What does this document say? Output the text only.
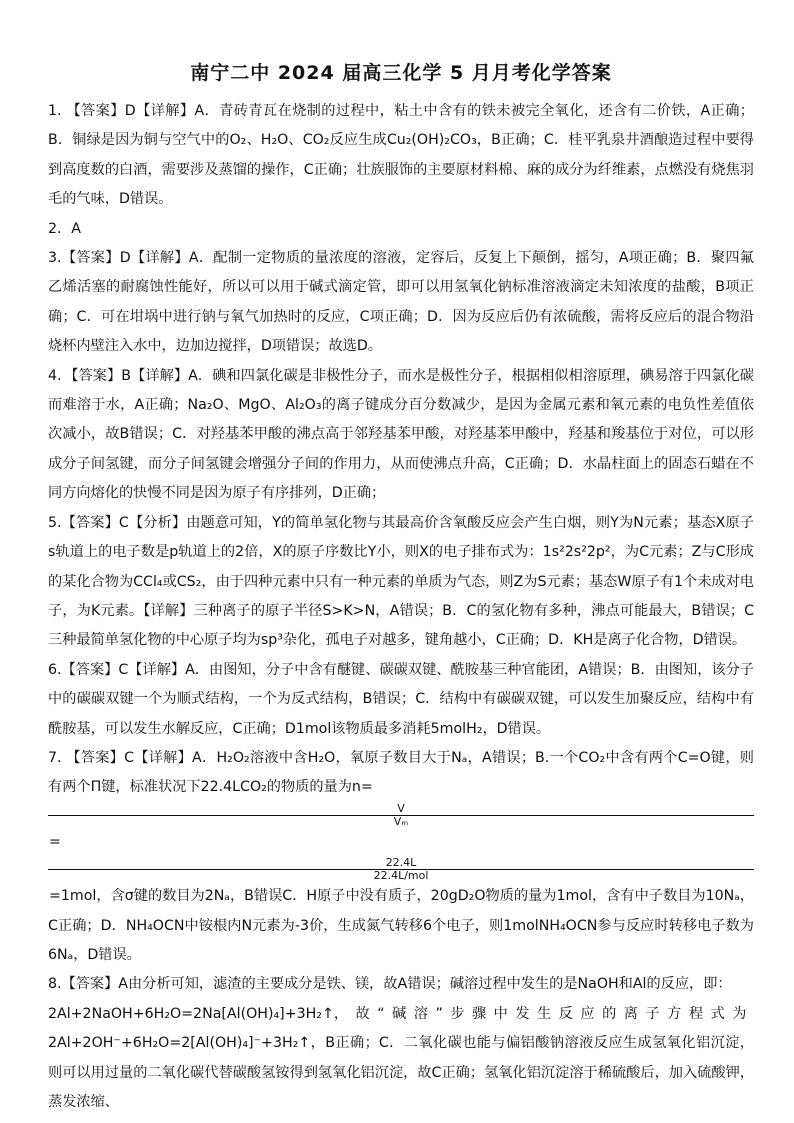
南宁二中 2024 届高三化学 5 月月考化学答案

1. 【答案】D【详解】A．青砖青瓦在烧制的过程中，粘土中含有的铁未被完全氧化，还含有二价铁，A正确；B．铜绿是因为铜与空气中的O₂、H₂O、CO₂反应生成Cu₂(OH)₂CO₃，B正确；C．桂平乳泉井酒酿造过程中要得到高度数的白酒，需要涉及蒸馏的操作，C正确；壮族服饰的主要原材料棉、麻的成分为纤维素，点燃没有烧焦羽毛的气味，D错误。

2．A

3.【答案】D【详解】A．配制一定物质的量浓度的溶液，定容后，反复上下颠倒，摇匀，A项正确；B．聚四氟乙烯活塞的耐腐蚀性能好，所以可以用于碱式滴定管，即可以用氢氧化钠标准溶液滴定未知浓度的盐酸，B项正确；C．可在坩埚中进行钠与氧气加热时的反应，C项正确；D．因为反应后仍有浓硫酸，需将反应后的混合物沿烧杯内壁注入水中，边加边搅拌，D项错误；故选D。

4．【答案】B【详解】A．碘和四氯化碳是非极性分子，而水是极性分子，根据相似相溶原理，碘易溶于四氯化碳而难溶于水，A正确；Na₂O、MgO、Al₂O₃的离子键成分百分数减少，是因为金属元素和氧元素的电负性差值依次减小，故B错误；C．对羟基苯甲酸的沸点高于邻羟基苯甲酸，对羟基苯甲酸中，羟基和羧基位于对位，可以形成分子间氢键，而分子间氢键会增强分子间的作用力，从而使沸点升高，C正确；D．水晶柱面上的固态石蜡在不同方向熔化的快慢不同是因为原子有序排列，D正确；

5.【答案】C【分析】由题意可知，Y的简单氢化物与其最高价含氧酸反应会产生白烟，则Y为N元素；基态X原子s轨道上的电子数是p轨道上的2倍，X的原子序数比Y小，则X的电子排布式为：1s²2s²2p²，为C元素；Z与C形成的某化合物为CCl₄或CS₂，由于四种元素中只有一种元素的单质为气态，则Z为S元素；基态W原子有1个未成对电子，为K元素。【详解】三种离子的原子半径S>K>N，A错误；B．C的氢化物有多种，沸点可能最大，B错误；C三种最简单氢化物的中心原子均为sp³杂化，孤电子对越多，键角越小，C正确；D．KH是离子化合物，D错误。

6.【答案】C【详解】A．由图知，分子中含有醚键、碳碳双键、酰胺基三种官能团，A错误；B．由图知，该分子中的碳碳双键一个为顺式结构，一个为反式结构，B错误；C．结构中有碳碳双键，可以发生加聚反应，结构中有酰胺基，可以发生水解反应，C正确；D1mol该物质最多消耗5molH₂，D错误。

7. 【答案】C【详解】A．H₂O₂溶液中含H₂O，氧原子数目大于Nₐ，A错误；B.一个CO₂中含有两个C=O键，则有两个Π键，标准状况下22.4LCO₂的物质的量为n=
V
Vₘ
=
22.4L
22.4L/mol
=1mol，含σ键的数目为2Nₐ，B错误C．H原子中没有质子，20gD₂O物质的量为1mol，含有中子数目为10Nₐ，C正确；D．NH₄OCN中铵根内N元素为-3价，生成氮气转移6个电子，则1molNH₄OCN参与反应时转移电子数为6Nₐ，D错误。

8.【答案】A由分析可知，滤渣的主要成分是铁、镁，故A错误；碱溶过程中发生的是NaOH和Al的反应，即：
2Al+2NaOH+6H₂O=2Na[Al(OH)₄]+3H₂↑，故“碱溶”步骤中发生反应的离子方程式为
2Al+2OH⁻+6H₂O=2[Al(OH)₄]⁻+3H₂↑，B正确；C．二氧化碳也能与偏铝酸钠溶液反应生成氢氧化铝沉淀，则可以用过量的二氧化碳代替碳酸氢铵得到氢氧化铝沉淀，故C正确；氢氧化铝沉淀溶于稀硫酸后，加入硫酸钾，蒸发浓缩、
